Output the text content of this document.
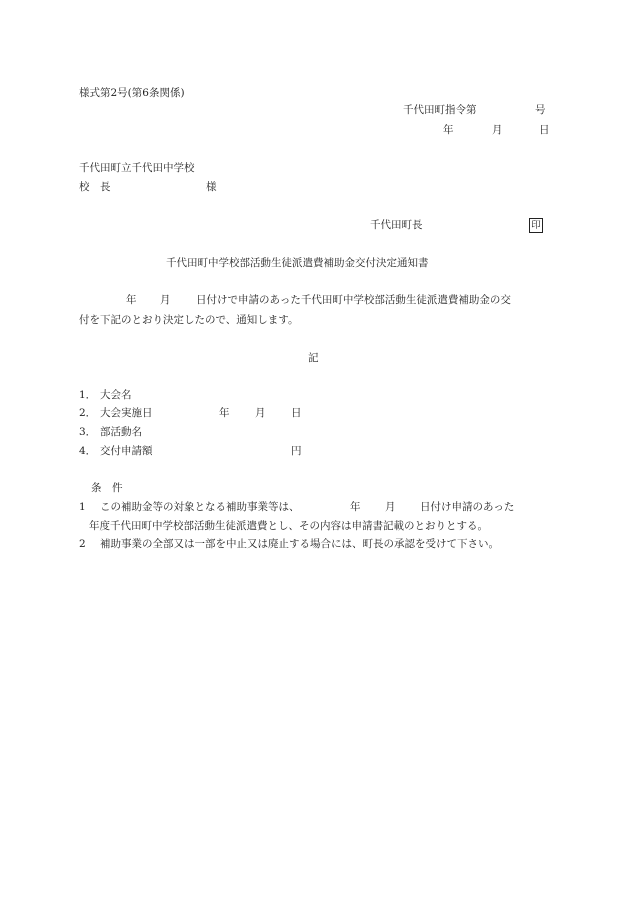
様式第2号(第6条関係)
千代田町指令第	号
年	月	日
千代田町立千代田中学校
校　長	様
千代田町長	印
千代田町中学校部活動生徒派遣費補助金交付決定通知書
年 月 日付けで申請のあった千代田町中学校部活動生徒派遣費補助金の交
付を下記のとおり決定したので、通知します。
記
1． 大会名
2． 大会実施日	年 月 日
3． 部活動名
4． 交付申請額	円
条　件
1 この補助金等の対象となる補助事業等は、	年 月 日付け申請のあった
年度千代田町中学校部活動生徒派遣費とし、その内容は申請書記載のとおりとする。
2 補助事業の全部又は一部を中止又は廃止する場合には、町長の承認を受けて下さい。
